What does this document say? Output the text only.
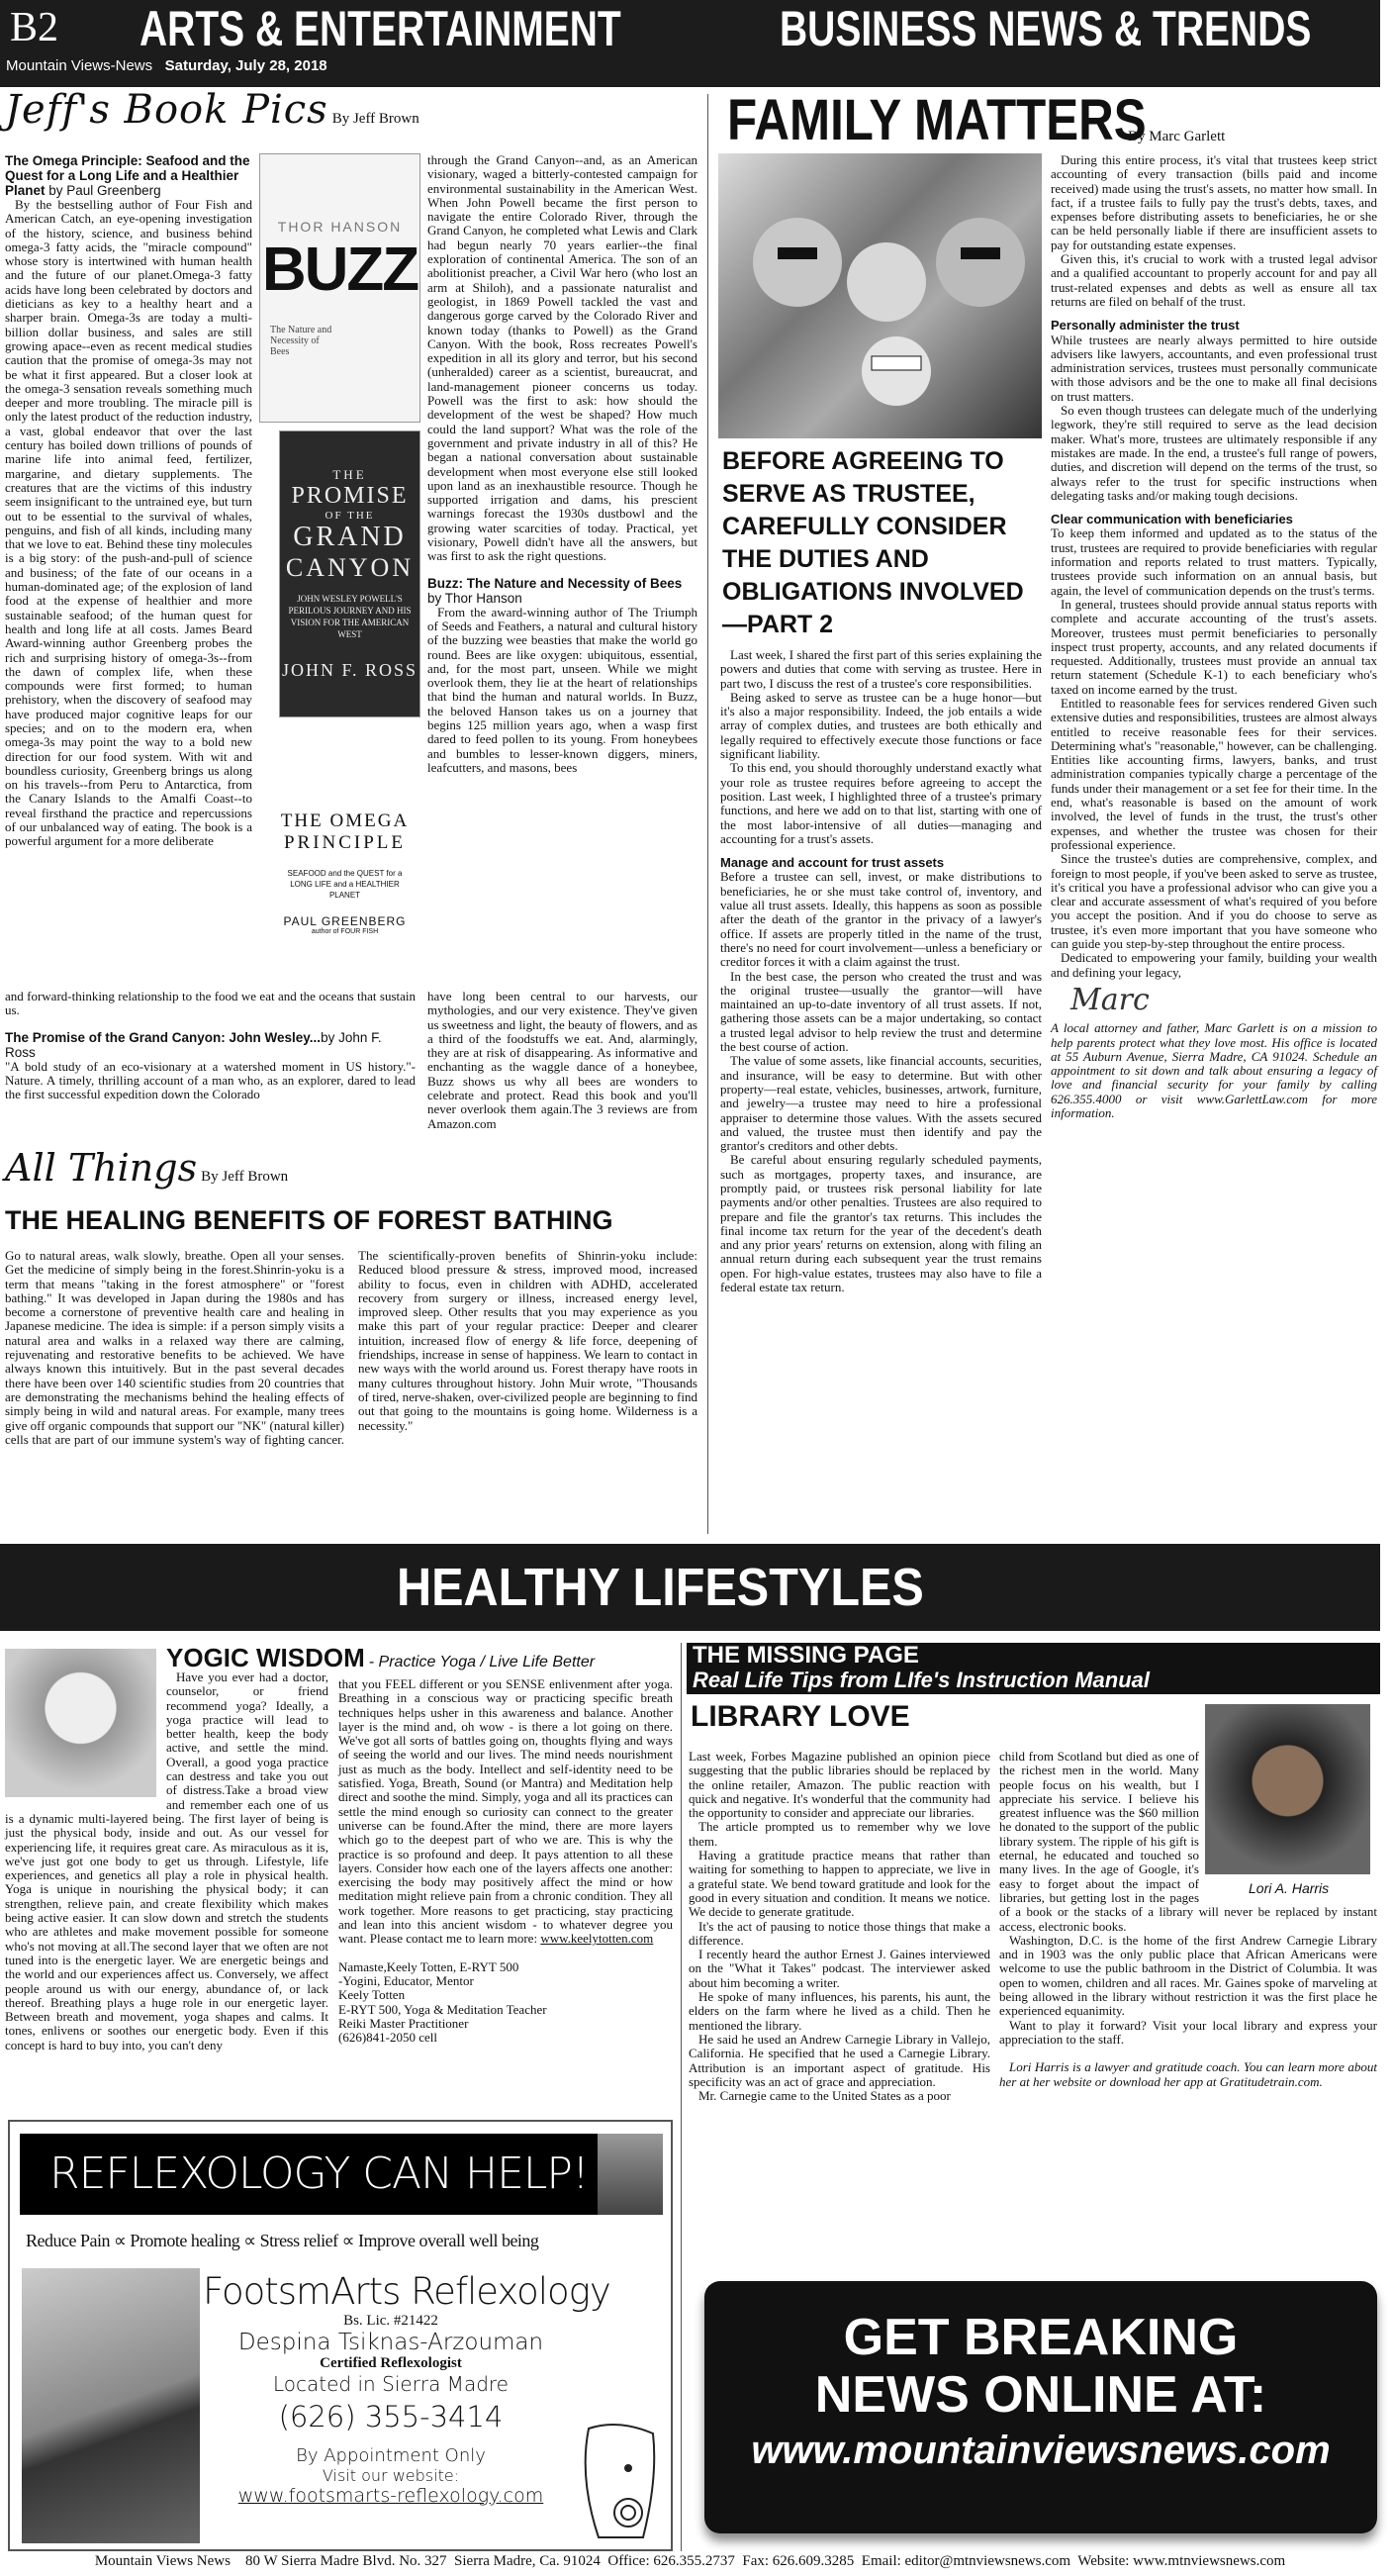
B2 ARTS & ENTERTAINMENT	BUSINESS NEWS & TRENDS
Mountain Views-News Saturday, July 28, 2018
Jeff's Book Pics By Jeff Brown
The Omega Principle: Seafood and the Quest for a Long Life and a Healthier Planet by Paul Greenberg

By the bestselling author of Four Fish and American Catch, an eye-opening investigation of the history, science, and business behind omega-3 fatty acids, the "miracle compound" whose story is intertwined with human health and the future of our planet.Omega-3 fatty acids have long been celebrated by doctors and dieticians as key to a healthy heart and a sharper brain. Omega-3s are today a multi-billion dollar business, and sales are still growing apace--even as recent medical studies caution that the promise of omega-3s may not be what it first appeared. But a closer look at the omega-3 sensation reveals something much deeper and more troubling. The miracle pill is only the latest product of the reduction industry, a vast, global endeavor that over the last century has boiled down trillions of pounds of marine life into animal feed, fertilizer, margarine, and dietary supplements. The creatures that are the victims of this industry seem insignificant to the untrained eye, but turn out to be essential to the survival of whales, penguins, and fish of all kinds, including many that we love to eat. Behind these tiny molecules is a big story: of the push-and-pull of science and business; of the fate of our oceans in a human-dominated age; of the explosion of land food at the expense of healthier and more sustainable seafood; of the human quest for health and long life at all costs. James Beard Award-winning author Greenberg probes the rich and surprising history of omega-3s--from the dawn of complex life, when these compounds were first formed; to human prehistory, when the discovery of seafood may have produced major cognitive leaps for our species; and on to the modern era, when omega-3s may point the way to a bold new direction for our food system. With wit and boundless curiosity, Greenberg brings us along on his travels--from Peru to Antarctica, from the Canary Islands to the Amalfi Coast--to reveal firsthand the practice and repercussions of our unbalanced way of eating. The book is a powerful argument for a more deliberate

THOR HANSON
BUZZ
The Nature and Necessity of Bees
THE
PROMISE
OF THE
GRAND
CANYON
JOHN WESLEY POWELL'S PERILOUS JOURNEY AND HIS VISION FOR THE AMERICAN WEST
JOHN F. ROSS
THE OMEGA
PRINCIPLE
SEAFOOD and the QUEST for a LONG LIFE and a HEALTHIER PLANET
PAUL GREENBERG
author of FOUR FISH

through the Grand Canyon--and, as an American visionary, waged a bitterly-contested campaign for environmental sustainability in the American West. When John Powell became the first person to navigate the entire Colorado River, through the Grand Canyon, he completed what Lewis and Clark had begun nearly 70 years earlier--the final exploration of continental America. The son of an abolitionist preacher, a Civil War hero (who lost an arm at Shiloh), and a passionate naturalist and geologist, in 1869 Powell tackled the vast and dangerous gorge carved by the Colorado River and known today (thanks to Powell) as the Grand Canyon. With the book, Ross recreates Powell's expedition in all its glory and terror, but his second (unheralded) career as a scientist, bureaucrat, and land-management pioneer concerns us today. Powell was the first to ask: how should the development of the west be shaped? How much could the land support? What was the role of the government and private industry in all of this? He began a national conversation about sustainable development when most everyone else still looked upon land as an inexhaustible resource. Though he supported irrigation and dams, his prescient warnings forecast the 1930s dustbowl and the growing water scarcities of today. Practical, yet visionary, Powell didn't have all the answers, but was first to ask the right questions.

Buzz: The Nature and Necessity of Bees by Thor Hanson

From the award-winning author of The Triumph of Seeds and Feathers, a natural and cultural history of the buzzing wee beasties that make the world go round. Bees are like oxygen: ubiquitous, essential, and, for the most part, unseen. While we might overlook them, they lie at the heart of relationships that bind the human and natural worlds. In Buzz, the beloved Hanson takes us on a journey that begins 125 million years ago, when a wasp first dared to feed pollen to its young. From honeybees and bumbles to lesser-known diggers, miners, leafcutters, and masons, bees

and forward-thinking relationship to the food we eat and the oceans that sustain us.

The Promise of the Grand Canyon: John Wesley...by John F. Ross

"A bold study of an eco-visionary at a watershed moment in US history."-Nature. A timely, thrilling account of a man who, as an explorer, dared to lead the first successful expedition down the Colorado

have long been central to our harvests, our mythologies, and our very existence. They've given us sweetness and light, the beauty of flowers, and as a third of the foodstuffs we eat. And, alarmingly, they are at risk of disappearing. As informative and enchanting as the waggle dance of a honeybee, Buzz shows us why all bees are wonders to celebrate and protect. Read this book and you'll never overlook them again.The 3 reviews are from Amazon.com

All Things By Jeff Brown
THE HEALING BENEFITS OF FOREST BATHING

Go to natural areas, walk slowly, breathe. Open all your senses. Get the medicine of simply being in the forest.Shinrin-yoku is a term that means "taking in the forest atmosphere" or "forest bathing." It was developed in Japan during the 1980s and has become a cornerstone of preventive health care and healing in Japanese medicine. The idea is simple: if a person simply visits a natural area and walks in a relaxed way there are calming, rejuvenating and restorative benefits to be achieved. We have always known this intuitively. But in the past several decades there have been over 140 scientific studies from 20 countries that are demonstrating the mechanisms behind the healing effects of simply being in wild and natural areas. For example, many trees give off organic compounds that support our "NK" (natural killer) cells that are part of our immune system's way of fighting cancer. The scientifically-proven benefits of Shinrin-yoku include: Reduced blood pressure & stress, improved mood, increased ability to focus, even in children with ADHD, accelerated recovery from surgery or illness, increased energy level, improved sleep. Other results that you may experience as you make this part of your regular practice: Deeper and clearer intuition, increased flow of energy & life force, deepening of friendships, increase in sense of happiness. We learn to contact in new ways with the world around us. Forest therapy have roots in many cultures throughout history. John Muir wrote, "Thousands of tired, nerve-shaken, over-civilized people are beginning to find out that going to the mountains is going home. Wilderness is a necessity."

FAMILY MATTERS
By Marc Garlett
BEFORE AGREEING TO SERVE AS TRUSTEE, CAREFULLY CONSIDER THE DUTIES AND OBLIGATIONS INVOLVED—PART 2

Last week, I shared the first part of this series explaining the powers and duties that come with serving as trustee. Here in part two, I discuss the rest of a trustee's core responsibilities.

Being asked to serve as trustee can be a huge honor—but it's also a major responsibility. Indeed, the job entails a wide array of complex duties, and trustees are both ethically and legally required to effectively execute those functions or face significant liability.

To this end, you should thoroughly understand exactly what your role as trustee requires before agreeing to accept the position. Last week, I highlighted three of a trustee's primary functions, and here we add on to that list, starting with one of the most labor-intensive of all duties—managing and accounting for a trust's assets.

Manage and account for trust assets

Before a trustee can sell, invest, or make distributions to beneficiaries, he or she must take control of, inventory, and value all trust assets. Ideally, this happens as soon as possible after the death of the grantor in the privacy of a lawyer's office. If assets are properly titled in the name of the trust, there's no need for court involvement—unless a beneficiary or creditor forces it with a claim against the trust.

In the best case, the person who created the trust and was the original trustee—usually the grantor—will have maintained an up-to-date inventory of all trust assets. If not, gathering those assets can be a major undertaking, so contact a trusted legal advisor to help review the trust and determine the best course of action.

The value of some assets, like financial accounts, securities, and insurance, will be easy to determine. But with other property—real estate, vehicles, businesses, artwork, furniture, and jewelry—a trustee may need to hire a professional appraiser to determine those values. With the assets secured and valued, the trustee must then identify and pay the grantor's creditors and other debts.

Be careful about ensuring regularly scheduled payments, such as mortgages, property taxes, and insurance, are promptly paid, or trustees risk personal liability for late payments and/or other penalties. Trustees are also required to prepare and file the grantor's tax returns. This includes the final income tax return for the year of the decedent's death and any prior years' returns on extension, along with filing an annual return during each subsequent year the trust remains open. For high-value estates, trustees may also have to file a federal estate tax return.

During this entire process, it's vital that trustees keep strict accounting of every transaction (bills paid and income received) made using the trust's assets, no matter how small. In fact, if a trustee fails to fully pay the trust's debts, taxes, and expenses before distributing assets to beneficiaries, he or she can be held personally liable if there are insufficient assets to pay for outstanding estate expenses.

Given this, it's crucial to work with a trusted legal advisor and a qualified accountant to properly account for and pay all trust-related expenses and debts as well as ensure all tax returns are filed on behalf of the trust.

Personally administer the trust

While trustees are nearly always permitted to hire outside advisers like lawyers, accountants, and even professional trust administration services, trustees must personally communicate with those advisors and be the one to make all final decisions on trust matters.

So even though trustees can delegate much of the underlying legwork, they're still required to serve as the lead decision maker. What's more, trustees are ultimately responsible if any mistakes are made. In the end, a trustee's full range of powers, duties, and discretion will depend on the terms of the trust, so always refer to the trust for specific instructions when delegating tasks and/or making tough decisions.

Clear communication with beneficiaries

To keep them informed and updated as to the status of the trust, trustees are required to provide beneficiaries with regular information and reports related to trust matters. Typically, trustees provide such information on an annual basis, but again, the level of communication depends on the trust's terms.

In general, trustees should provide annual status reports with complete and accurate accounting of the trust's assets. Moreover, trustees must permit beneficiaries to personally inspect trust property, accounts, and any related documents if requested. Additionally, trustees must provide an annual tax return statement (Schedule K-1) to each beneficiary who's taxed on income earned by the trust.

Entitled to reasonable fees for services rendered Given such extensive duties and responsibilities, trustees are almost always entitled to receive reasonable fees for their services. Determining what's "reasonable," however, can be challenging. Entities like accounting firms, lawyers, banks, and trust administration companies typically charge a percentage of the funds under their management or a set fee for their time. In the end, what's reasonable is based on the amount of work involved, the level of funds in the trust, the trust's other expenses, and whether the trustee was chosen for their professional experience.

Since the trustee's duties are comprehensive, complex, and foreign to most people, if you've been asked to serve as trustee, it's critical you have a professional advisor who can give you a clear and accurate assessment of what's required of you before you accept the position. And if you do choose to serve as trustee, it's even more important that you have someone who can guide you step-by-step throughout the entire process.

Dedicated to empowering your family, building your wealth and defining your legacy,

Marc

A local attorney and father, Marc Garlett is on a mission to help parents protect what they love most. His office is located at 55 Auburn Avenue, Sierra Madre, CA 91024. Schedule an appointment to sit down and talk about ensuring a legacy of love and financial security for your family by calling 626.355.4000 or visit www.GarlettLaw.com for more information.

HEALTHY LIFESTYLES
YOGIC WISDOM - Practice Yoga / Live Life Better

Have you ever had a doctor, counselor, or friend recommend yoga? Ideally, a yoga practice will lead to better health, keep the body active, and settle the mind. Overall, a good yoga practice can destress and take you out of distress.Take a broad view and remember each one of us is a dynamic multi-layered being. The first layer of being is just the physical body, inside and out. As our vessel for experiencing life, it requires great care. As miraculous as it is, we've just got one body to get us through. Lifestyle, life experiences, and genetics all play a role in physical health. Yoga is unique in nourishing the physical body; it can strengthen, relieve pain, and create flexibility which makes being active easier. It can slow down and stretch the students who are athletes and make movement possible for someone who's not moving at all.The second layer that we often are not tuned into is the energetic layer. We are energetic beings and the world and our experiences affect us. Conversely, we affect people around us with our energy, abundance of, or lack thereof. Breathing plays a huge role in our energetic layer. Between breath and movement, yoga shapes and calms. It tones, enlivens or soothes our energetic body. Even if this concept is hard to buy into, you can't deny

that you FEEL different or you SENSE enlivenment after yoga. Breathing in a conscious way or practicing specific breath techniques helps usher in this awareness and balance. Another layer is the mind and, oh wow - is there a lot going on there. We've got all sorts of battles going on, thoughts flying and ways of seeing the world and our lives. The mind needs nourishment just as much as the body. Intellect and self-identity need to be satisfied. Yoga, Breath, Sound (or Mantra) and Meditation help direct and soothe the mind. Simply, yoga and all its practices can settle the mind enough so curiosity can connect to the greater universe can be found.After the mind, there are more layers which go to the deepest part of who we are. This is why the practice is so profound and deep. It pays attention to all these layers. Consider how each one of the layers affects one another: exercising the body may positively affect the mind or how meditation might relieve pain from a chronic condition. They all work together. More reasons to get practicing, stay practicing and lean into this ancient wisdom - to whatever degree you want. Please contact me to learn more: www.keelytotten.com

Namaste,Keely Totten, E-RYT 500
-Yogini, Educator, Mentor
Keely Totten
E-RYT 500, Yoga & Meditation Teacher
Reiki Master Practitioner
(626)841-2050 cell
REFLEXOLOGY CAN HELP!
Reduce Pain ∝ Promote healing ∝ Stress relief ∝ Improve overall well being
FootsmArts Reflexology
Bs. Lic. #21422
Despina Tsiknas-Arzouman
Certified Reflexologist
Located in Sierra Madre
(626) 355-3414
By Appointment Only
Visit our website:
www.footsmarts-reflexology.com
THE MISSING PAGE
Real Life Tips from LIfe's Instruction Manual
LIBRARY LOVE
Lori A. Harris

Last week, Forbes Magazine published an opinion piece suggesting that the public libraries should be replaced by the online retailer, Amazon. The public reaction with quick and negative. It's wonderful that the community had the opportunity to consider and appreciate our libraries.

The article prompted us to remember why we love them.

Having a gratitude practice means that rather than waiting for something to happen to appreciate, we live in a grateful state. We bend toward gratitude and look for the good in every situation and condition. It means we notice. We decide to generate gratitude.

It's the act of pausing to notice those things that make a difference.

I recently heard the author Ernest J. Gaines interviewed on the "What it Takes" podcast. The interviewer asked about him becoming a writer.

He spoke of many influences, his parents, his aunt, the elders on the farm where he lived as a child. Then he mentioned the library.

He said he used an Andrew Carnegie Library in Vallejo, California. He specified that he used a Carnegie Library. Attribution is an important aspect of gratitude. His specificity was an act of grace and appreciation.

Mr. Carnegie came to the United States as a poor

child from Scotland but died as one of the richest men in the world. Many people focus on his wealth, but I appreciate his service. I believe his greatest influence was the $60 million he donated to the support of the public library system. The ripple of his gift is eternal, he educated and touched so many lives. In the age of Google, it's easy to forget about the impact of libraries, but getting lost in the pages of a book or the stacks of a library will never be replaced by instant access, electronic books.

Washington, D.C. is the home of the first Andrew Carnegie Library and in 1903 was the only public place that African Americans were welcome to use the public bathroom in the District of Columbia. It was open to women, children and all races. Mr. Gaines spoke of marveling at being allowed in the library without restriction it was the first place he experienced equanimity.

Want to play it forward? Visit your local library and express your appreciation to the staff.

Lori Harris is a lawyer and gratitude coach. You can learn more about her at her website or download her app at Gratitudetrain.com.

GET BREAKING
NEWS ONLINE AT:
www.mountainviewsnews.com
Mountain Views News    80 W Sierra Madre Blvd. No. 327  Sierra Madre, Ca. 91024  Office: 626.355.2737  Fax: 626.609.3285  Email: editor@mtnviewsnews.com  Website: www.mtnviewsnews.com
